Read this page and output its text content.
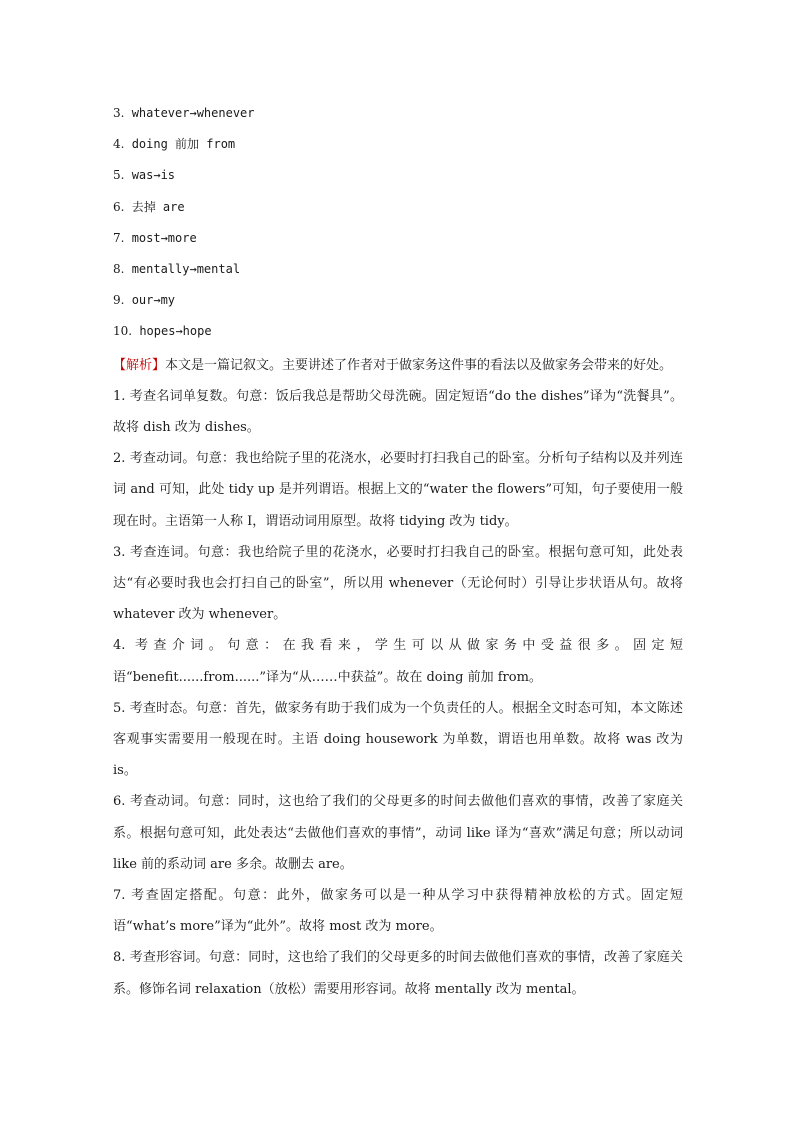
3. whatever→whenever
4. doing 前加 from
5. was→is
6. 去掉 are
7. most→more
8. mentally→mental
9. our→my
10. hopes→hope

【解析】本文是一篇记叙文。主要讲述了作者对于做家务这件事的看法以及做家务会带来的好处。

1. 考查名词单复数。句意：饭后我总是帮助父母洗碗。固定短语“do the dishes”译为“洗餐具”。故将 dish 改为 dishes。

2. 考查动词。句意：我也给院子里的花浇水，必要时打扫我自己的卧室。分析句子结构以及并列连词 and 可知，此处 tidy up 是并列谓语。根据上文的“water the flowers”可知，句子要使用一般现在时。主语第一人称 I，谓语动词用原型。故将 tidying 改为 tidy。

3. 考查连词。句意：我也给院子里的花浇水，必要时打扫我自己的卧室。根据句意可知，此处表达“有必要时我也会打扫自己的卧室”，所以用 whenever（无论何时）引导让步状语从句。故将 whatever 改为 whenever。

4. 考查介词。句意：在我看来，学生可以从做家务中受益很多。固定短语“benefit......from......”译为“从……中获益”。故在 doing 前加 from。

5. 考查时态。句意：首先，做家务有助于我们成为一个负责任的人。根据全文时态可知，本文陈述客观事实需要用一般现在时。主语 doing housework 为单数，谓语也用单数。故将 was 改为 is。

6. 考查动词。句意：同时，这也给了我们的父母更多的时间去做他们喜欢的事情，改善了家庭关系。根据句意可知，此处表达“去做他们喜欢的事情”，动词 like 译为“喜欢”满足句意；所以动词 like 前的系动词 are 多余。故删去 are。

7. 考查固定搭配。句意：此外，做家务可以是一种从学习中获得精神放松的方式。固定短语“what’s more”译为“此外”。故将 most 改为 more。

8. 考查形容词。句意：同时，这也给了我们的父母更多的时间去做他们喜欢的事情，改善了家庭关系。修饰名词 relaxation（放松）需要用形容词。故将 mentally 改为 mental。
